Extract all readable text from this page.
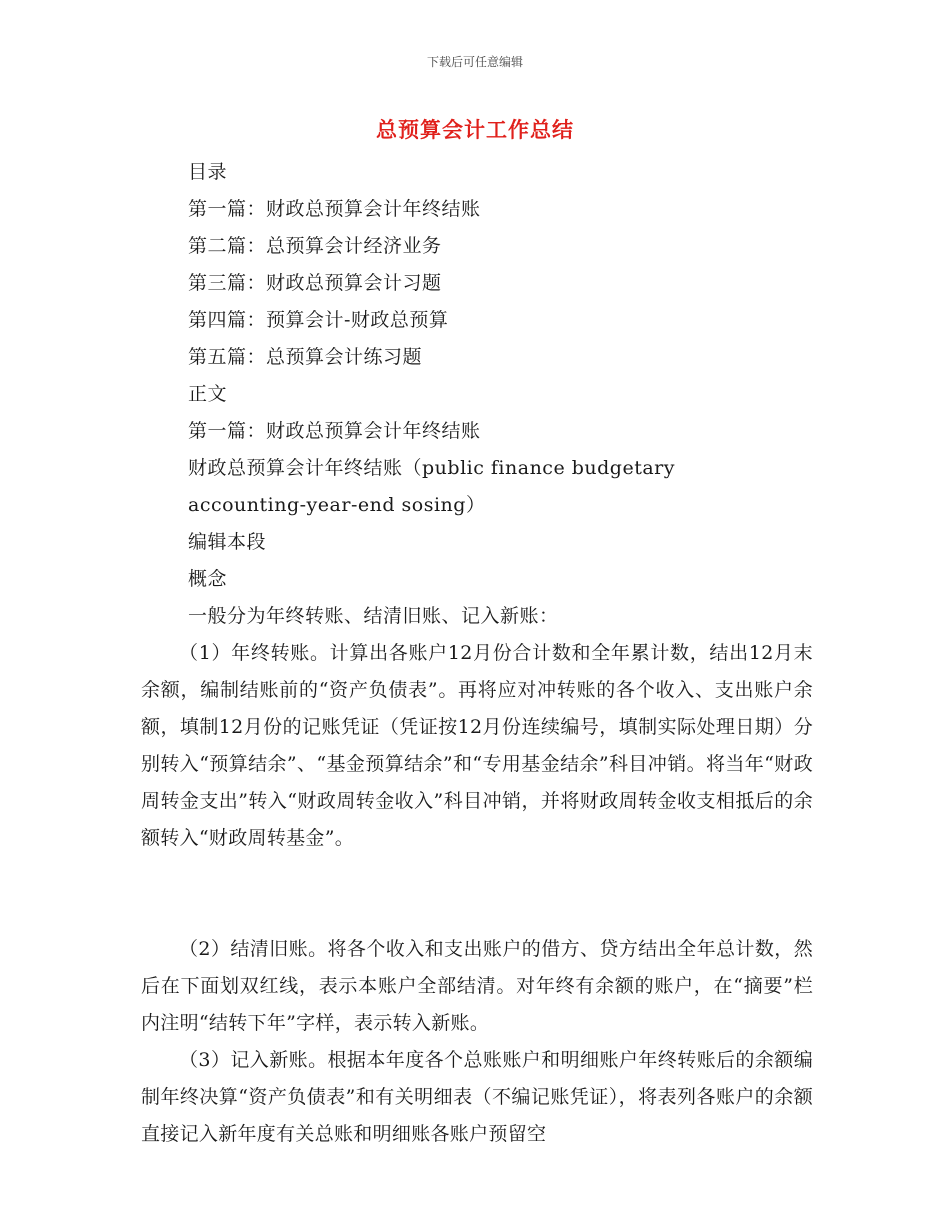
下载后可任意编辑
总预算会计工作总结
目录
第一篇：财政总预算会计年终结账
第二篇：总预算会计经济业务
第三篇：财政总预算会计习题
第四篇：预算会计-财政总预算
第五篇：总预算会计练习题
正文
第一篇：财政总预算会计年终结账
财政总预算会计年终结账（public finance budgetary
accounting-year-end sosing）
编辑本段
概念
一般分为年终转账、结清旧账、记入新账：
（1）年终转账。计算出各账户12月份合计数和全年累计数，结出12月末余额，编制结账前的“资产负债表”。再将应对冲转账的各个收入、支出账户余额，填制12月份的记账凭证（凭证按12月份连续编号，填制实际处理日期）分别转入“预算结余”、“基金预算结余”和“专用基金结余”科目冲销。将当年“财政周转金支出”转入“财政周转金收入”科目冲销，并将财政周转金收支相抵后的余额转入“财政周转基金”。
（2）结清旧账。将各个收入和支出账户的借方、贷方结出全年总计数，然后在下面划双红线，表示本账户全部结清。对年终有余额的账户，在“摘要”栏内注明“结转下年”字样，表示转入新账。
（3）记入新账。根据本年度各个总账账户和明细账户年终转账后的余额编制年终决算“资产负债表”和有关明细表（不编记账凭证），将表列各账户的余额直接记入新年度有关总账和明细账各账户预留空
